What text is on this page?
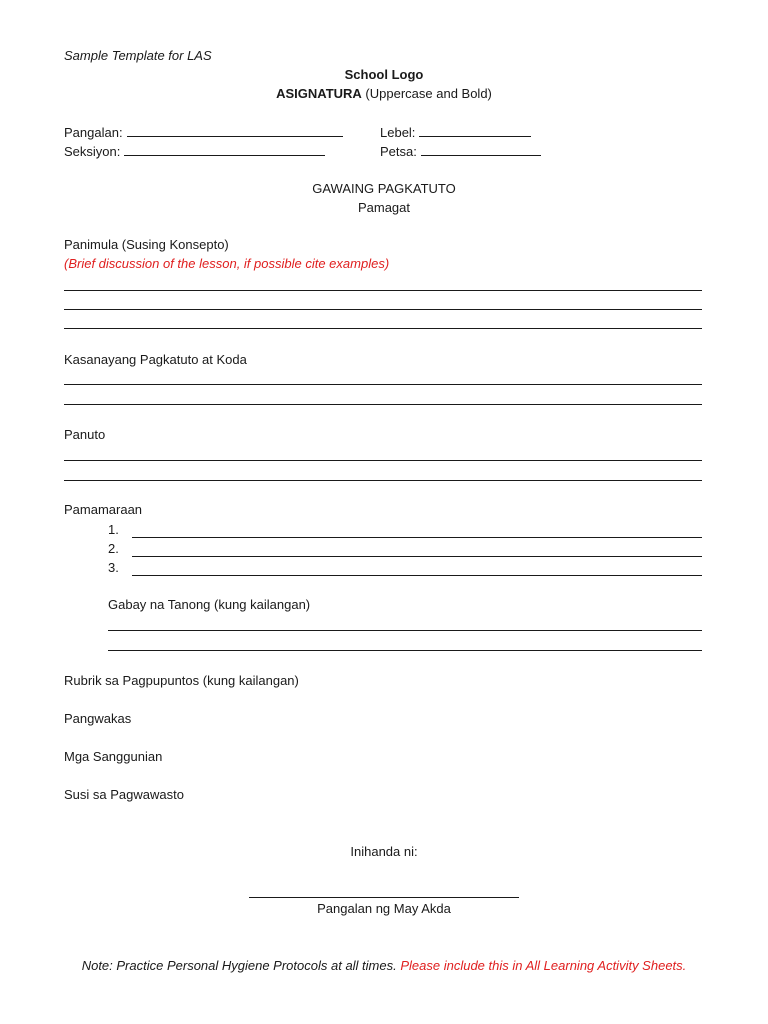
Sample Template for LAS
School Logo
ASIGNATURA (Uppercase and Bold)
Pangalan:
Seksiyon:
Lebel:
Petsa:
GAWAING PAGKATUTO
Pamagat
Panimula (Susing Konsepto)
(Brief discussion of the lesson, if possible cite examples)
Kasanayang Pagkatuto at Koda
Panuto
Pamamaraan
1.
2.
3.
Gabay na Tanong (kung kailangan)
Rubrik sa Pagpupuntos (kung kailangan)
Pangwakas
Mga Sanggunian
Susi sa Pagwawasto
Inihanda ni:
Pangalan ng May Akda
Note: Practice Personal Hygiene Protocols at all times. Please include this in All Learning Activity Sheets.
